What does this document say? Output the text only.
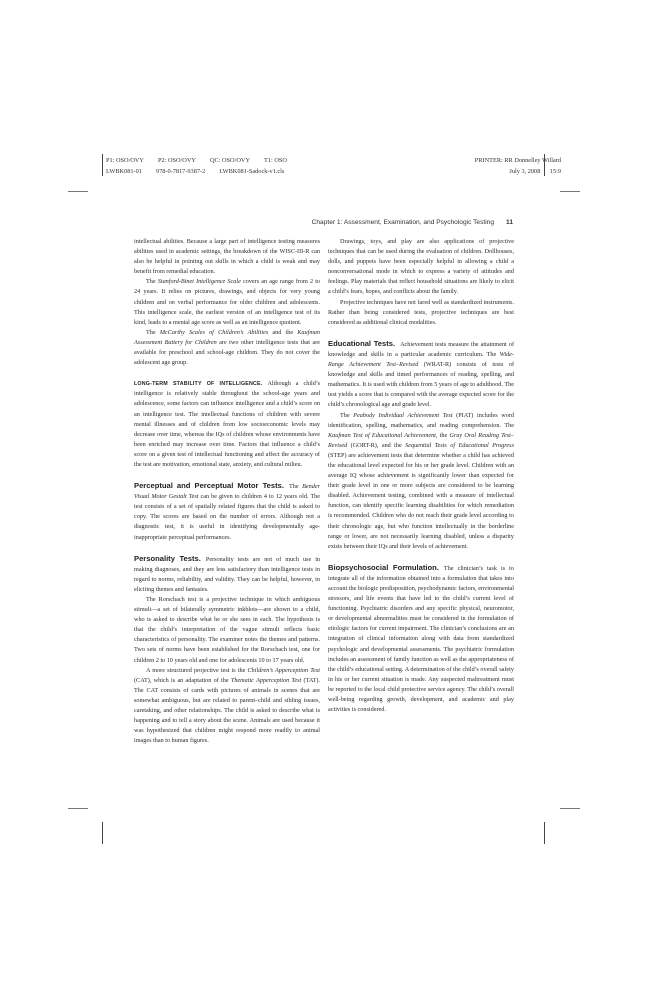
P1: OSO/OVY P2: OSO/OVY QC: OSO/OVY T1: OSO
LWBK081-01 978-0-7817-9387-2 LWBK081-Sadock-v1.cls
PRINTER: RR Donnelley Willard
July 3, 2008 15:9
Chapter 1: Assessment, Examination, and Psychologic Testing 11

intellectual abilities. Because a large part of intelligence testing measures abilities used in academic settings, the breakdown of the WISC-III-R can also be helpful in pointing out skills in which a child is weak and may benefit from remedial education.

The Stanford-Binet Intelligence Scale covers an age range from 2 to 24 years. It relies on pictures, drawings, and objects for very young children and on verbal performance for older children and adolescents. This intelligence scale, the earliest version of an intelligence test of its kind, leads to a mental age score as well as an intelligence quotient.

The McCarthy Scales of Children’s Abilities and the Kaufman Assessment Battery for Children are two other intelligence tests that are available for preschool and school-age children. They do not cover the adolescent age group.

LONG-TERM STABILITY OF INTELLIGENCE. Although a child’s intelligence is relatively stable throughout the school-age years and adolescence, some factors can influence intelligence and a child’s score on an intelligence test. The intellectual functions of children with severe mental illnesses and of children from low socioeconomic levels may decrease over time, whereas the IQs of children whose environments have been enriched may increase over time. Factors that influence a child’s score on a given test of intellectual functioning and affect the accuracy of the test are motivation, emotional state, anxiety, and cultural milieu.

Perceptual and Perceptual Motor Tests. The Bender Visual Motor Gestalt Test can be given to children 4 to 12 years old. The test consists of a set of spatially related figures that the child is asked to copy. The scores are based on the number of errors. Although not a diagnostic test, it is useful in identifying developmentally age-inappropriate perceptual performances.

Personality Tests. Personality tests are not of much use in making diagnoses, and they are less satisfactory than intelligence tests in regard to norms, reliability, and validity. They can be helpful, however, in eliciting themes and fantasies.

The Rorschach test is a projective technique in which ambiguous stimuli—a set of bilaterally symmetric inkblots—are shown to a child, who is asked to describe what he or she sees in each. The hypothesis is that the child’s interpretation of the vague stimuli reflects basic characteristics of personality. The examiner notes the themes and patterns. Two sets of norms have been established for the Rorschach test, one for children 2 to 10 years old and one for adolescents 10 to 17 years old.

A more structured projective test is the Children’s Apperception Test (CAT), which is an adaptation of the Thematic Apperception Test (TAT). The CAT consists of cards with pictures of animals in scenes that are somewhat ambiguous, but are related to parent–child and sibling issues, caretaking, and other relationships. The child is asked to describe what is happening and to tell a story about the scene. Animals are used because it was hypothesized that children might respond more readily to animal images than to human figures.

Drawings, toys, and play are also applications of projective techniques that can be used during the evaluation of children. Dollhouses, dolls, and puppets have been especially helpful in allowing a child a nonconversational mode in which to express a variety of attitudes and feelings. Play materials that reflect household situations are likely to elicit a child’s fears, hopes, and conflicts about the family.

Projective techniques have not fared well as standardized instruments. Rather than being considered tests, projective techniques are best considered as additional clinical modalities.

Educational Tests. Achievement tests measure the attainment of knowledge and skills in a particular academic curriculum. The Wide-Range Achievement Test–Revised (WRAT-R) consists of tests of knowledge and skills and timed performances of reading, spelling, and mathematics. It is used with children from 5 years of age to adulthood. The test yields a score that is compared with the average expected score for the child’s chronological age and grade level.

The Peabody Individual Achievement Test (PIAT) includes word identification, spelling, mathematics, and reading comprehension. The Kaufman Test of Educational Achievement, the Gray Oral Reading Test–Revised (GORT-R), and the Sequential Tests of Educational Progress (STEP) are achievement tests that determine whether a child has achieved the educational level expected for his or her grade level. Children with an average IQ whose achievement is significantly lower than expected for their grade level in one or more subjects are considered to be learning disabled. Achievement testing, combined with a measure of intellectual function, can identify specific learning disabilities for which remediation is recommended. Children who do not reach their grade level according to their chronologic age, but who function intellectually in the borderline range or lower, are not necessarily learning disabled, unless a disparity exists between their IQs and their levels of achievement.

Biopsychosocial Formulation. The clinician’s task is to integrate all of the information obtained into a formulation that takes into account the biologic predisposition, psychodynamic factors, environmental stressors, and life events that have led to the child’s current level of functioning. Psychiatric disorders and any specific physical, neuromotor, or developmental abnormalities must be considered in the formulation of etiologic factors for current impairment. The clinician’s conclusions are an integration of clinical information along with data from standardized psychologic and developmental assessments. The psychiatric formulation includes an assessment of family function as well as the appropriateness of the child’s educational setting. A determination of the child’s overall safety in his or her current situation is made. Any suspected maltreatment must be reported to the local child protective service agency. The child’s overall well-being regarding growth, development, and academic and play activities is considered.
